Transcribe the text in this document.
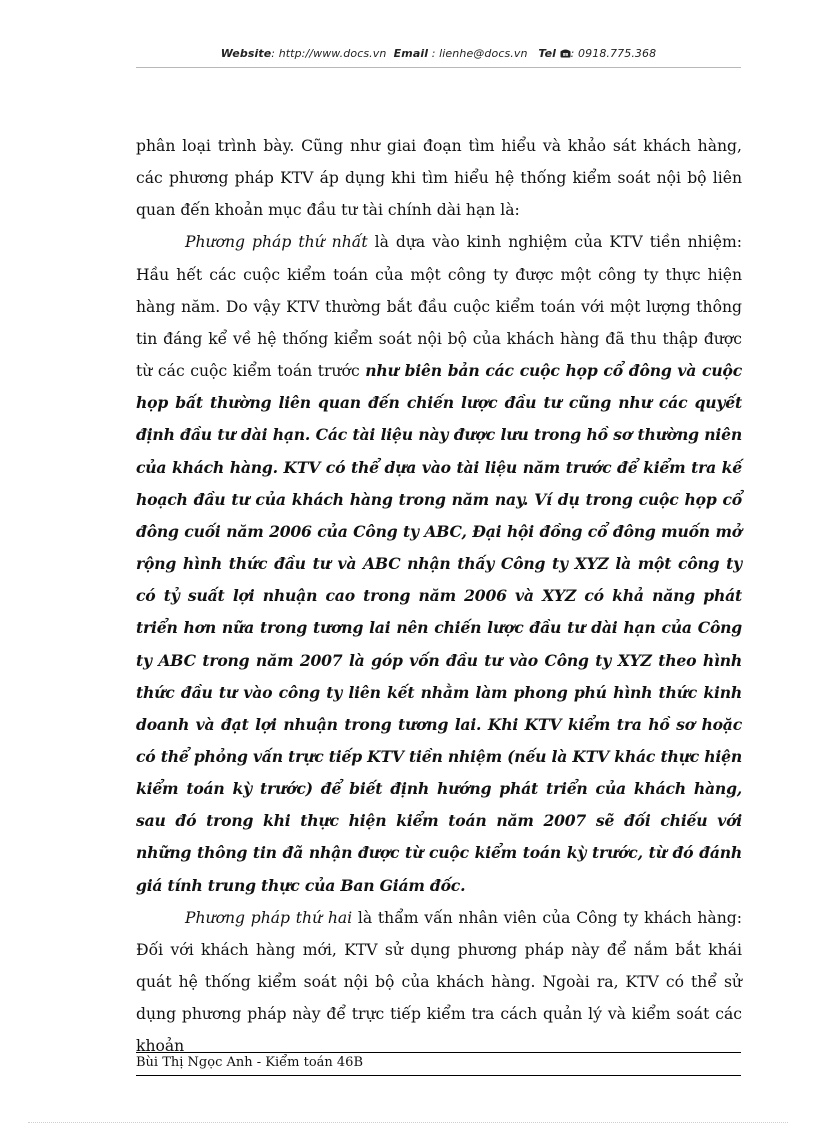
Website: http://www.docs.vn Email : lienhe@docs.vn Tel : 0918.775.368

phân loại trình bày. Cũng như giai đoạn tìm hiểu và khảo sát khách hàng, các phương pháp KTV áp dụng khi tìm hiểu hệ thống kiểm soát nội bộ liên quan đến khoản mục đầu tư tài chính dài hạn là:

Phương pháp thứ nhất là dựa vào kinh nghiệm của KTV tiền nhiệm: Hầu hết các cuộc kiểm toán của một công ty được một công ty thực hiện hàng năm. Do vậy KTV thường bắt đầu cuộc kiểm toán với một lượng thông tin đáng kể về hệ thống kiểm soát nội bộ của khách hàng đã thu thập được từ các cuộc kiểm toán trước như biên bản các cuộc họp cổ đông và cuộc họp bất thường liên quan đến chiến lược đầu tư cũng như các quyết định đầu tư dài hạn. Các tài liệu này được lưu trong hồ sơ thường niên của khách hàng. KTV có thể dựa vào tài liệu năm trước để kiểm tra kế hoạch đầu tư của khách hàng trong năm nay. Ví dụ trong cuộc họp cổ đông cuối năm 2006 của Công ty ABC, Đại hội đồng cổ đông muốn mở rộng hình thức đầu tư và ABC nhận thấy Công ty XYZ là một công ty có tỷ suất lợi nhuận cao trong năm 2006 và XYZ có khả năng phát triển hơn nữa trong tương lai nên chiến lược đầu tư dài hạn của Công ty ABC trong năm 2007 là góp vốn đầu tư vào Công ty XYZ theo hình thức đầu tư vào công ty liên kết nhằm làm phong phú hình thức kinh doanh và đạt lợi nhuận trong tương lai. Khi KTV kiểm tra hồ sơ hoặc có thể phỏng vấn trực tiếp KTV tiền nhiệm (nếu là KTV khác thực hiện kiểm toán kỳ trước) để biết định hướng phát triển của khách hàng, sau đó trong khi thực hiện kiểm toán năm 2007 sẽ đối chiếu với những thông tin đã nhận được từ cuộc kiểm toán kỳ trước, từ đó đánh giá tính trung thực của Ban Giám đốc.

Phương pháp thứ hai là thẩm vấn nhân viên của Công ty khách hàng: Đối với khách hàng mới, KTV sử dụng phương pháp này để nắm bắt khái quát hệ thống kiểm soát nội bộ của khách hàng. Ngoài ra, KTV có thể sử dụng phương pháp này để trực tiếp kiểm tra cách quản lý và kiểm soát các khoản

Bùi Thị Ngọc Anh - Kiểm toán 46B
